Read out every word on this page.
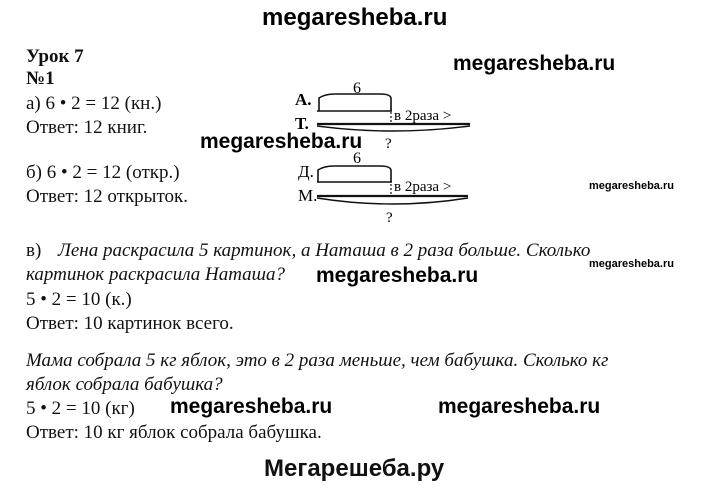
megaresheba.ru
Урок 7
№1
megaresheba.ru
а) 6 • 2 = 12 (кн.)
Ответ: 12 книг.
megaresheba.ru
6
А.
Т.	в 2раза >
?
б) 6 • 2 = 12 (откр.)
Ответ: 12 открыток.
6
Д.
М.	в 2раза >
?
megaresheba.ru
в) Лена раскрасила 5 картинок, а Наташа в 2 раза больше. Сколько
картинок раскрасила Наташа? megaresheba.ru	megaresheba.ru
5 • 2 = 10 (к.)
Ответ: 10 картинок всего.
Мама собрала 5 кг яблок, это в 2 раза меньше, чем бабушка. Сколько кг
яблок собрала бабушка?
5 • 2 = 10 (кг) megaresheba.ru	megaresheba.ru
Ответ: 10 кг яблок собрала бабушка.
Мегарешеба.ру
